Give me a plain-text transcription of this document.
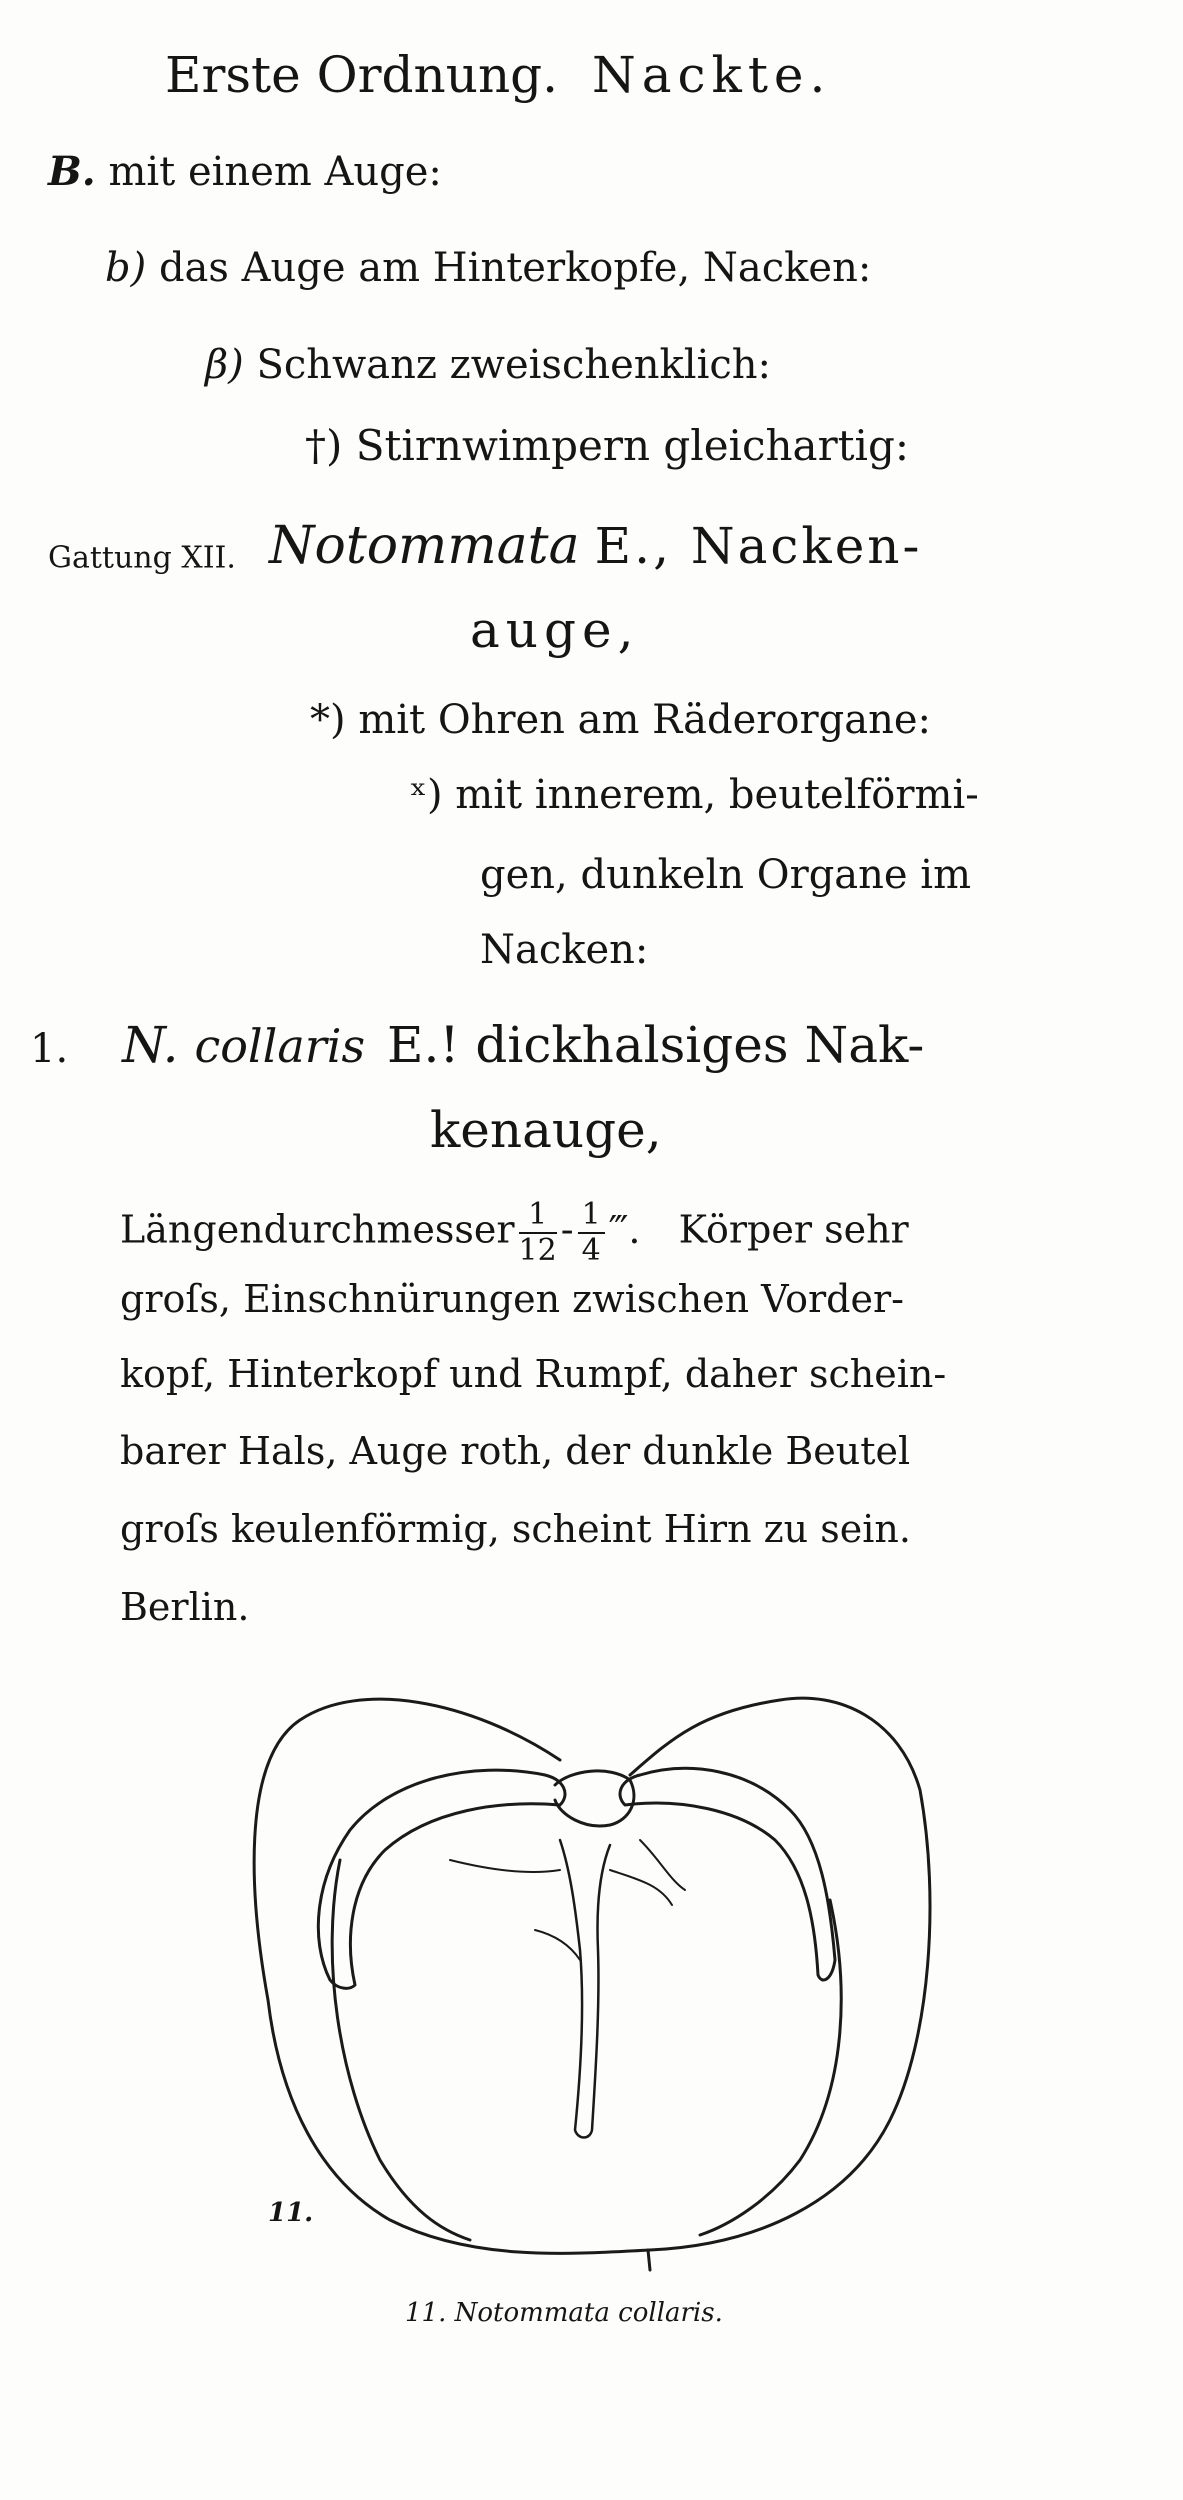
Erste Ordnung. Nackte.
B. mit einem Auge:
b) das Auge am Hinterkopfe, Nacken:
β) Schwanz zweischenklich:
†) Stirnwimpern gleichartig:
Gattung XII. Notommata E., Nacken-
auge,
*) mit Ohren am Räderorgane:
ˣ) mit innerem, beutelförmi-
gen, dunkeln Organe im
Nacken:
1. N. collaris E.! dickhalsiges Nak-
kenauge,
Längendurchmesser $\frac{1}{12} - \frac{1}{4}$ ‴. Körper sehr
groſs, Einschnürungen zwischen Vorder-
kopf, Hinterkopf und Rumpf, daher schein-
barer Hals, Auge roth, der dunkle Beutel
groſs keulenförmig, scheint Hirn zu sein.
Berlin.
11.
11. Notommata collaris.
